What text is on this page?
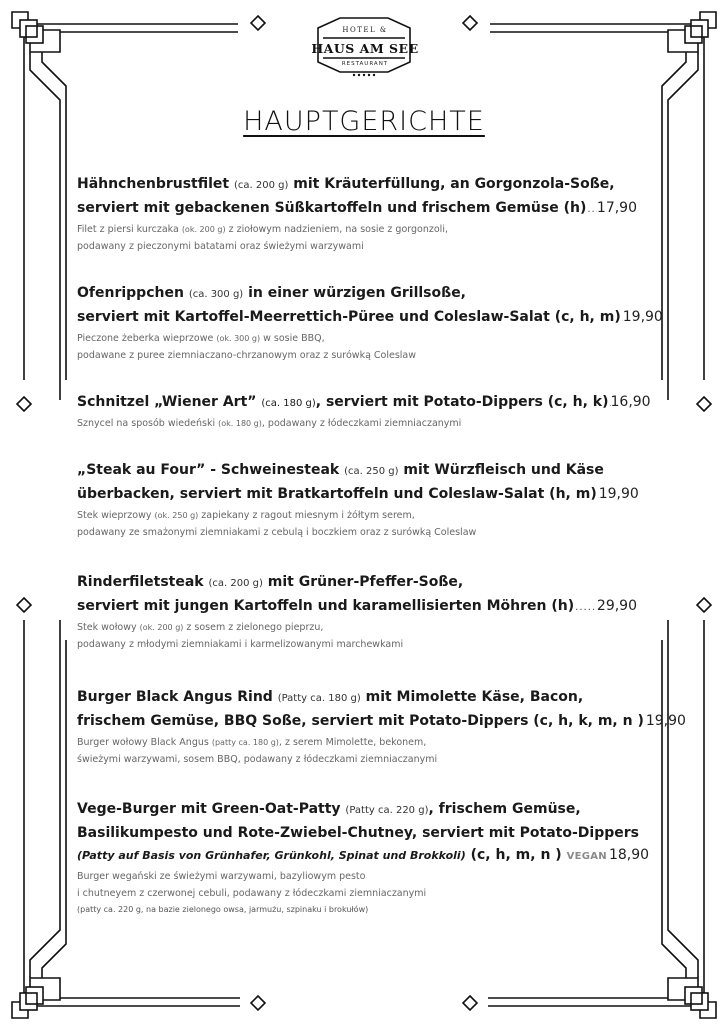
HOTEL &
HAUS AM SEE
RESTAURANT
HAUPTGERICHTE
Hähnchenbrustfilet (ca. 200 g) mit Kräuterfüllung, an Gorgonzola-Soße,
serviert mit gebackenen Süßkartoffeln und frischem Gemüse (h) ..... 17,90
Filet z piersi kurczaka (ok. 200 g) z ziołowym nadzieniem, na sosie z gorgonzoli,
podawany z pieczonymi batatami oraz świeżymi warzywami
Ofenrippchen (ca. 300 g) in einer würzigen Grillsoße,
serviert mit Kartoffel-Meerrettich-Püree und Coleslaw-Salat (c, h, m) ..... 19,90
Pieczone żeberka wieprzowe (ok. 300 g) w sosie BBQ,
podawane z puree ziemniaczano-chrzanowym oraz z surówką Coleslaw
Schnitzel „Wiener Art” (ca. 180 g), serviert mit Potato-Dippers (c, h, k) ..... 16,90
Sznycel na sposób wiedeński (ok. 180 g), podawany z łódeczkami ziemniaczanymi
„Steak au Four” - Schweinesteak (ca. 250 g) mit Würzfleisch und Käse
überbacken, serviert mit Bratkartoffeln und Coleslaw-Salat (h, m) ..... 19,90
Stek wieprzowy (ok. 250 g) zapiekany z ragout miesnym i żółtym serem,
podawany ze smażonymi ziemniakami z cebulą i boczkiem oraz z surówką Coleslaw
Rinderfiletsteak (ca. 200 g) mit Grüner-Pfeffer-Soße,
serviert mit jungen Kartoffeln und karamellisierten Möhren (h) ..... 29,90
Stek wołowy (ok. 200 g) z sosem z zielonego pieprzu,
podawany z młodymi ziemniakami i karmelizowanymi marchewkami
Burger Black Angus Rind (Patty ca. 180 g) mit Mimolette Käse, Bacon,
frischem Gemüse, BBQ Soße, serviert mit Potato-Dippers (c, h, k, m, n ) ..... 19,90
Burger wołowy Black Angus (patty ca. 180 g), z serem Mimolette, bekonem,
świeżymi warzywami, sosem BBQ, podawany z łódeczkami ziemniaczanymi
Vege-Burger mit Green-Oat-Patty (Patty ca. 220 g), frischem Gemüse,
Basilikumpesto und Rote-Zwiebel-Chutney, serviert mit Potato-Dippers
(Patty auf Basis von Grünhafer, Grünkohl, Spinat und Brokkoli) (c, h, m, n ) VEGAN ..... 18,90
Burger wegański ze świeżymi warzywami, bazyliowym pesto
i chutneyem z czerwonej cebuli, podawany z łódeczkami ziemniaczanymi
(patty ca. 220 g, na bazie zielonego owsa, jarmużu, szpinaku i brokułów)
